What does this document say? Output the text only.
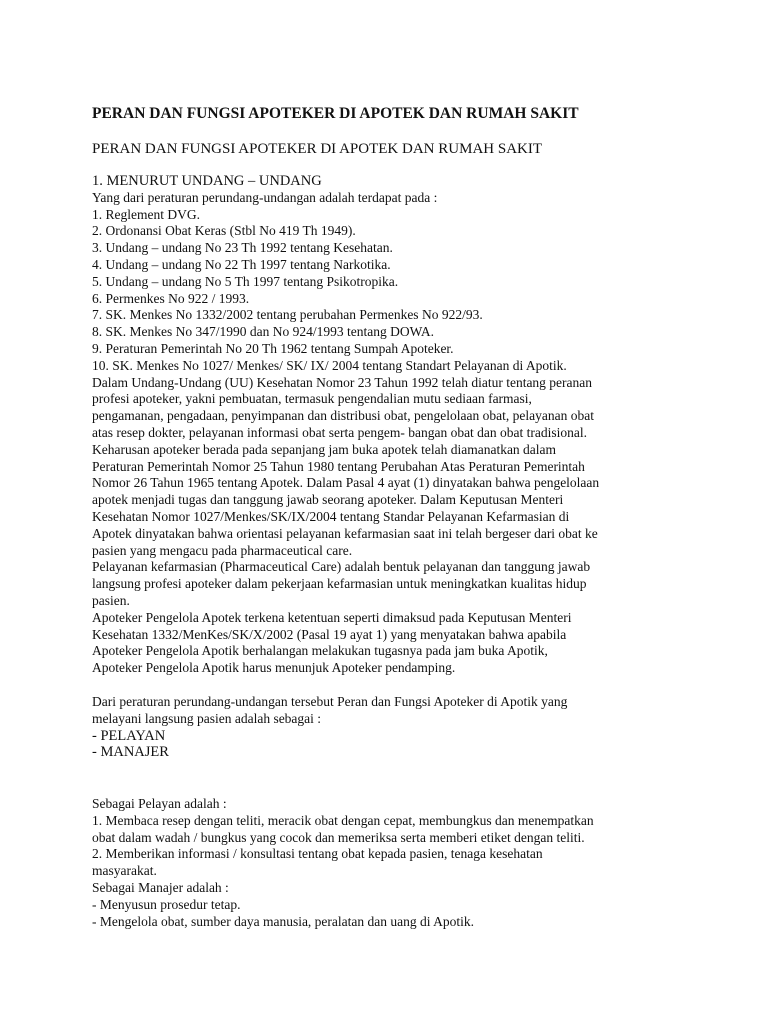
PERAN DAN FUNGSI APOTEKER DI APOTEK DAN RUMAH SAKIT
PERAN DAN FUNGSI APOTEKER DI APOTEK DAN RUMAH SAKIT
1. MENURUT UNDANG – UNDANG
Yang dari peraturan perundang-undangan adalah terdapat pada :
1. Reglement DVG.
2. Ordonansi Obat Keras (Stbl No 419 Th 1949).
3. Undang – undang No 23 Th 1992 tentang Kesehatan.
4. Undang – undang No 22 Th 1997 tentang Narkotika.
5. Undang – undang No 5 Th 1997 tentang Psikotropika.
6. Permenkes No 922 / 1993.
7. SK. Menkes No 1332/2002 tentang perubahan Permenkes No 922/93.
8. SK. Menkes No 347/1990 dan No 924/1993 tentang DOWA.
9. Peraturan Pemerintah No 20 Th 1962 tentang Sumpah Apoteker.
10. SK. Menkes No 1027/ Menkes/ SK/ IX/ 2004 tentang Standart Pelayanan di Apotik.
Dalam Undang-Undang (UU) Kesehatan Nomor 23 Tahun 1992 telah diatur tentang peranan
profesi apoteker, yakni pembuatan, termasuk pengendalian mutu sediaan farmasi,
pengamanan, pengadaan, penyimpanan dan distribusi obat, pengelolaan obat, pelayanan obat
atas resep dokter, pelayanan informasi obat serta pengem- bangan obat dan obat tradisional.
Keharusan apoteker berada pada sepanjang jam buka apotek telah diamanatkan dalam
Peraturan Pemerintah Nomor 25 Tahun 1980 tentang Perubahan Atas Peraturan Pemerintah
Nomor 26 Tahun 1965 tentang Apotek. Dalam Pasal 4 ayat (1) dinyatakan bahwa pengelolaan
apotek menjadi tugas dan tanggung jawab seorang apoteker. Dalam Keputusan Menteri
Kesehatan Nomor 1027/Menkes/SK/IX/2004 tentang Standar Pelayanan Kefarmasian di
Apotek dinyatakan bahwa orientasi pelayanan kefarmasian saat ini telah bergeser dari obat ke
pasien yang mengacu pada pharmaceutical care.
Pelayanan kefarmasian (Pharmaceutical Care) adalah bentuk pelayanan dan tanggung jawab
langsung profesi apoteker dalam pekerjaan kefarmasian untuk meningkatkan kualitas hidup
pasien.
Apoteker Pengelola Apotek terkena ketentuan seperti dimaksud pada Keputusan Menteri
Kesehatan 1332/MenKes/SK/X/2002 (Pasal 19 ayat 1) yang menyatakan bahwa apabila
Apoteker Pengelola Apotik berhalangan melakukan tugasnya pada jam buka Apotik,
Apoteker Pengelola Apotik harus menunjuk Apoteker pendamping.
Dari peraturan perundang-undangan tersebut Peran dan Fungsi Apoteker di Apotik yang
melayani langsung pasien adalah sebagai :
- PELAYAN
- MANAJER
Sebagai Pelayan adalah :
1. Membaca resep dengan teliti, meracik obat dengan cepat, membungkus dan menempatkan
obat dalam wadah / bungkus yang cocok dan memeriksa serta memberi etiket dengan teliti.
2. Memberikan informasi / konsultasi tentang obat kepada pasien, tenaga kesehatan
masyarakat.
Sebagai Manajer adalah :
- Menyusun prosedur tetap.
- Mengelola obat, sumber daya manusia, peralatan dan uang di Apotik.
